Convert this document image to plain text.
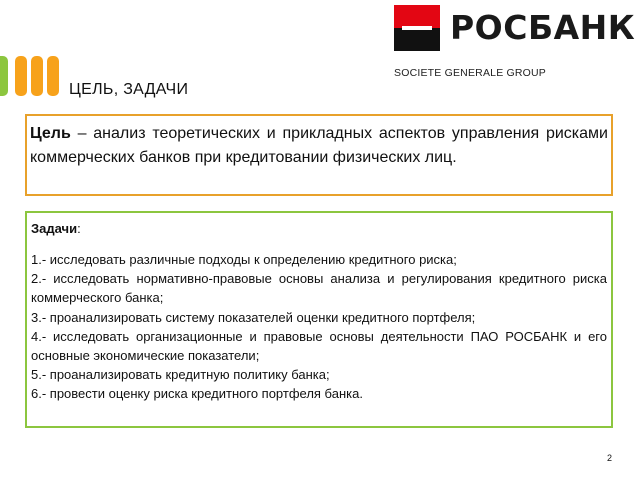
ЦЕЛЬ, ЗАДАЧИ
РОСБАНК
SOCIETE GENERALE GROUP

Цель – анализ теоретических и прикладных аспектов управления рисками коммерческих банков при кредитовании физических лиц.

Задачи:

1.- исследовать различные подходы к определению кредитного риска;
2.- исследовать нормативно-правовые основы анализа и регулирования кредитного риска коммерческого банка;
3.- проанализировать систему показателей оценки кредитного портфеля;
4.- исследовать организационные и правовые основы деятельности ПАО РОСБАНК и его основные экономические показатели;
5.- проанализировать кредитную политику банка;
6.- провести оценку риска кредитного портфеля банка.
2
